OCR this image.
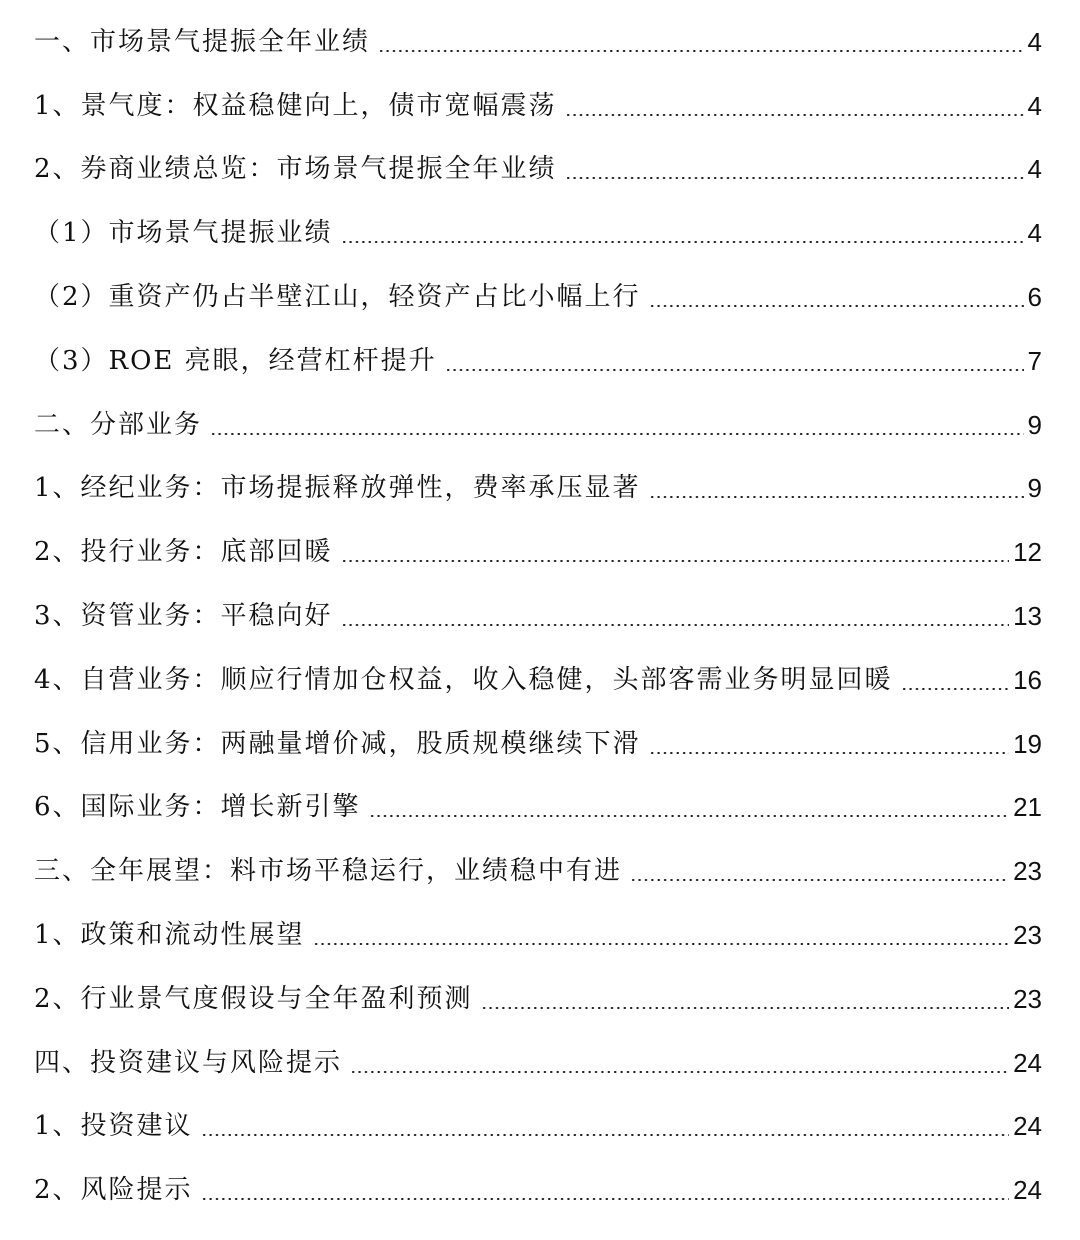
一、市场景气提振全年业绩	4
1、景气度：权益稳健向上，债市宽幅震荡	4
2、券商业绩总览：市场景气提振全年业绩	4
（1）市场景气提振业绩	4
（2）重资产仍占半壁江山，轻资产占比小幅上行	6
（3）ROE 亮眼，经营杠杆提升	7
二、分部业务	9
1、经纪业务：市场提振释放弹性，费率承压显著	9
2、投行业务：底部回暖	12
3、资管业务：平稳向好	13
4、自营业务：顺应行情加仓权益，收入稳健，头部客需业务明显回暖	16
5、信用业务：两融量增价减，股质规模继续下滑	19
6、国际业务：增长新引擎	21
三、全年展望：料市场平稳运行，业绩稳中有进	23
1、政策和流动性展望	23
2、行业景气度假设与全年盈利预测	23
四、投资建议与风险提示	24
1、投资建议	24
2、风险提示	24
